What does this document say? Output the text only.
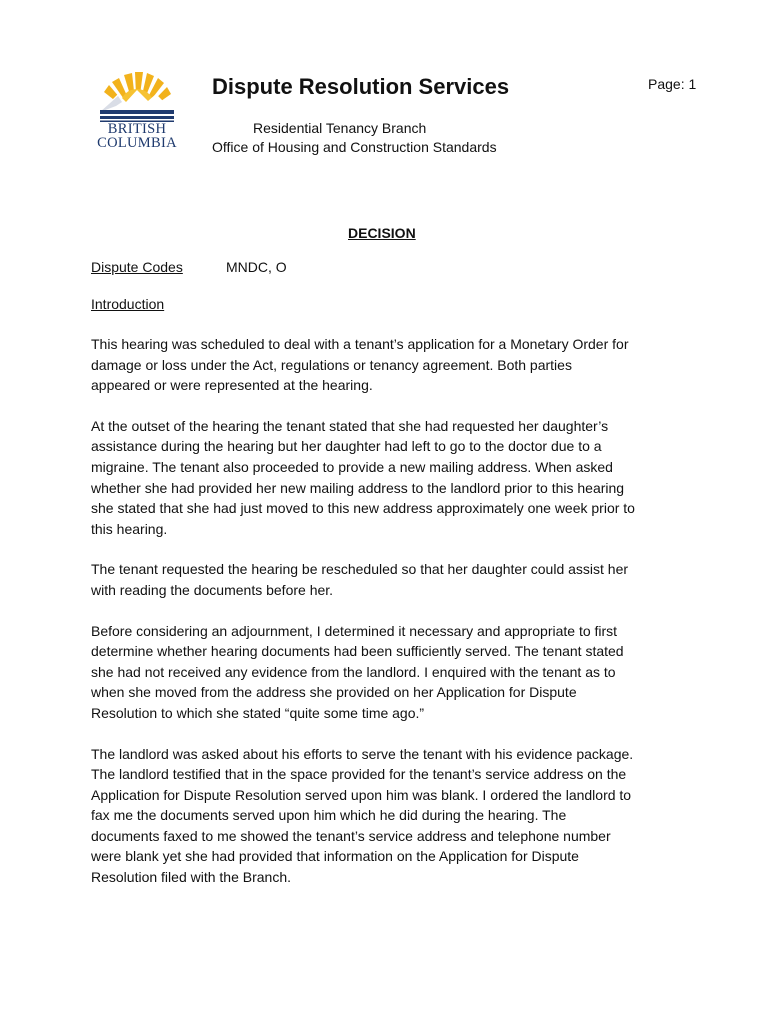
BRITISH
COLUMBIA
Dispute Resolution Services	Page: 1
Residential Tenancy Branch
Office of Housing and Construction Standards
DECISION
Dispute Codes	MNDC, O
Introduction

This hearing was scheduled to deal with a tenant’s application for a Monetary Order for
damage or loss under the Act, regulations or tenancy agreement. Both parties
appeared or were represented at the hearing.

At the outset of the hearing the tenant stated that she had requested her daughter’s
assistance during the hearing but her daughter had left to go to the doctor due to a
migraine. The tenant also proceeded to provide a new mailing address. When asked
whether she had provided her new mailing address to the landlord prior to this hearing
she stated that she had just moved to this new address approximately one week prior to
this hearing.

The tenant requested the hearing be rescheduled so that her daughter could assist her
with reading the documents before her.

Before considering an adjournment, I determined it necessary and appropriate to first
determine whether hearing documents had been sufficiently served. The tenant stated
she had not received any evidence from the landlord. I enquired with the tenant as to
when she moved from the address she provided on her Application for Dispute
Resolution to which she stated “quite some time ago.”

The landlord was asked about his efforts to serve the tenant with his evidence package.
The landlord testified that in the space provided for the tenant’s service address on the
Application for Dispute Resolution served upon him was blank. I ordered the landlord to
fax me the documents served upon him which he did during the hearing. The
documents faxed to me showed the tenant’s service address and telephone number
were blank yet she had provided that information on the Application for Dispute
Resolution filed with the Branch.
